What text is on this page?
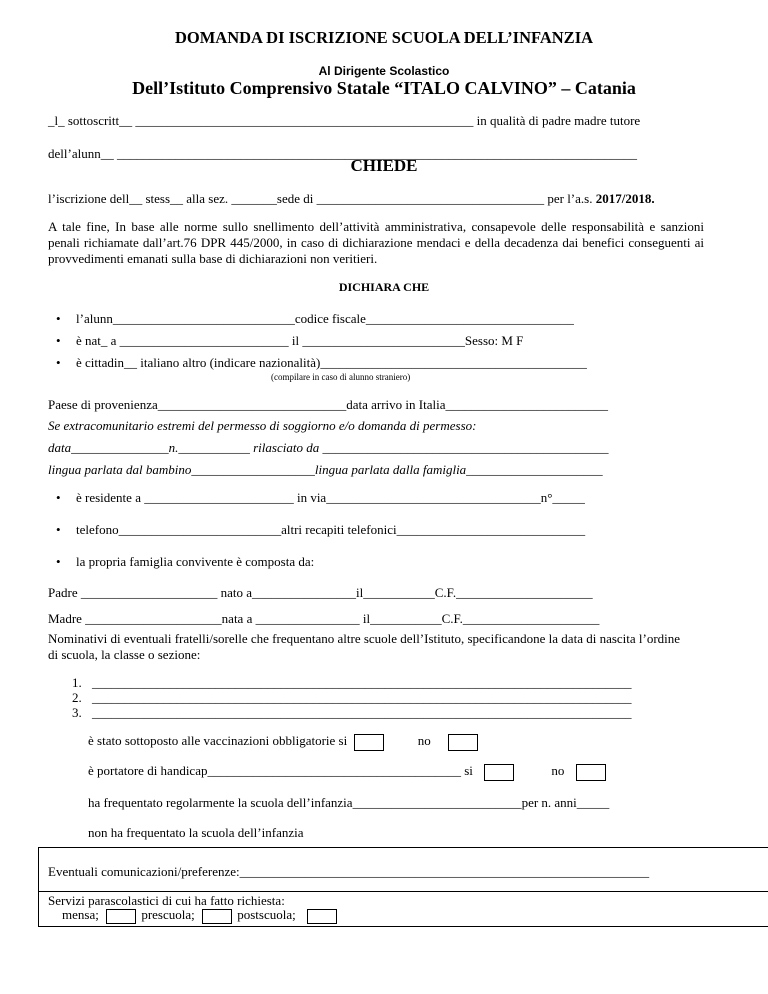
DOMANDA DI ISCRIZIONE SCUOLA DELL’INFANZIA
Al Dirigente Scolastico
Dell’Istituto Comprensivo Statale “ITALO CALVINO” – Catania
_l_ sottoscritt__ ____________________________________________________ in qualità di padre madre tutore
dell’alunn__ ________________________________________________________________________________
CHIEDE
l’iscrizione dell__ stess__ alla sez. _______sede di ___________________________________ per l’a.s. 2017/2018.
A tale fine, In base alle norme sullo snellimento dell’attività amministrativa, consapevole delle responsabilità e sanzioni penali richiamate dall’art.76 DPR 445/2000, in caso di dichiarazione mendaci e della decadenza dai benefici conseguenti ai provvedimenti emanati sulla base di dichiarazioni non veritieri.
DICHIARA CHE
• l’alunn____________________________codice fiscale________________________________
• è nat_ a __________________________ il _________________________Sesso: M F
• è cittadin__ italiano altro (indicare nazionalità)_________________________________________
(compilare in caso di alunno straniero)
Paese di provenienza_____________________________data arrivo in Italia_________________________
Se extracomunitario estremi del permesso di soggiorno e/o domanda di permesso:
data_______________n.___________ rilasciato da ____________________________________________
lingua parlata dal bambino___________________lingua parlata dalla famiglia_____________________
• è residente a _______________________ in via_________________________________n°_____
• telefono_________________________altri recapiti telefonici_____________________________
• la propria famiglia convivente è composta da:
Padre _____________________ nato a________________il___________C.F._____________________
Madre _____________________nata a ________________ il___________C.F._____________________
Nominativi di eventuali fratelli/sorelle che frequentano altre scuole dell’Istituto, specificandone la data di nascita l’ordine di scuola, la classe o sezione:
1. ___________________________________________________________________________________
2. ___________________________________________________________________________________
3. ___________________________________________________________________________________
è stato sottoposto alle vaccinazioni obbligatorie si	no
è portatore di handicap_______________________________________ si	no
ha frequentato regolarmente la scuola dell’infanzia__________________________per n. anni_____
non ha frequentato la scuola dell’infanzia
Eventuali comunicazioni/preferenze:_______________________________________________________________
Servizi parascolastici di cui ha fatto richiesta:
mensa;	prescuola;	postscuola;
